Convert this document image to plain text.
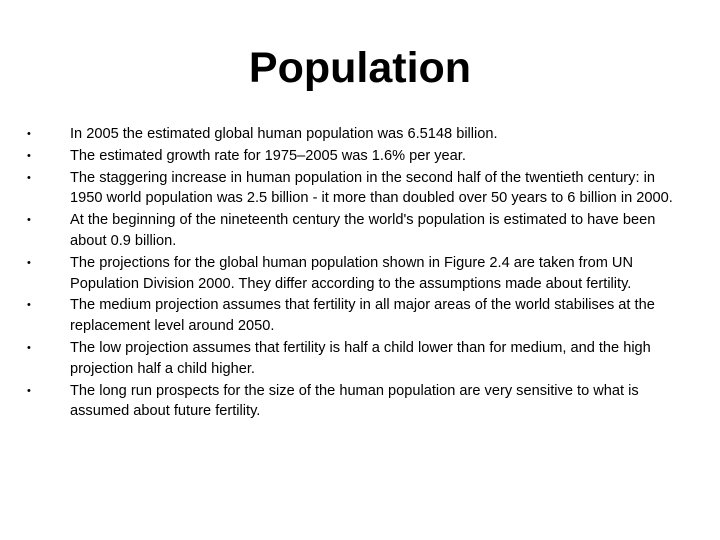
Population
•	In 2005 the estimated global human population was 6.5148 billion.
•	The estimated growth rate for 1975–2005 was 1.6% per year.
•	The staggering increase in human population in the second half of the twentieth century: in 1950 world population was 2.5 billion - it more than doubled over 50 years to 6 billion in 2000.
•	At the beginning of the nineteenth century the world's population is estimated to have been about 0.9 billion.
•	The projections for the global human population shown in Figure 2.4 are taken from UN Population Division 2000. They differ according to the assumptions made about fertility.
•	The medium projection assumes that fertility in all major areas of the world stabilises at the replacement level around 2050.
•	The low projection assumes that fertility is half a child lower than for medium, and the high projection half a child higher.
•	The long run prospects for the size of the human population are very sensitive to what is assumed about future fertility.
